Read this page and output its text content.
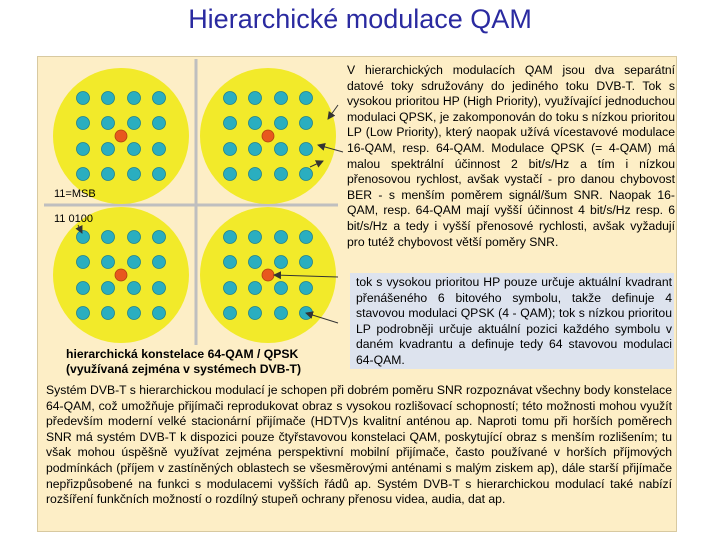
Hierarchické modulace QAM
11=MSB
11 0100
V hierarchických modulacích QAM jsou dva separátní datové toky sdružovány do jediného toku DVB-T. Tok s vysokou prioritou HP (High Priority), využívající jednoduchou modulaci QPSK, je zakomponován do toku s nízkou prioritou LP (Low Priority), který naopak užívá vícestavové modulace 16-QAM, resp. 64-QAM. Modulace QPSK (= 4-QAM) má malou spektrální účinnost 2 bit/s/Hz a tím i nízkou přenosovou rychlost, avšak vystačí - pro danou chybovost BER - s menším poměrem signál/šum SNR. Naopak 16-QAM, resp. 64-QAM mají vyšší účinnost 4 bit/s/Hz resp. 6 bit/s/Hz a tedy i vyšší přenosové rychlosti, avšak vyžadují pro tutéž chybovost větší poměry SNR.
tok s vysokou prioritou HP pouze určuje aktuální kvadrant přenášeného 6 bitového symbolu, takže definuje 4 stavovou modulaci QPSK (4 - QAM); tok s nízkou prioritou LP podrobněji určuje aktuální pozici každého symbolu v daném kvadrantu a definuje tedy 64 stavovou modulaci 64-QAM.
hierarchická konstelace 64-QAM / QPSK
(využívaná zejména v systémech DVB-T)
Systém DVB-T s hierarchickou modulací je schopen při dobrém poměru SNR rozpoznávat všechny body konstelace 64-QAM, což umožňuje přijímači reprodukovat obraz s vysokou rozlišovací schopností; této možnosti mohou využít především moderní velké stacionární přijímače (HDTV)s kvalitní anténou ap. Naproti tomu při horších poměrech SNR má systém DVB-T k dispozici pouze čtyřstavovou konstelaci QAM, poskytující obraz s menším rozlišením; tu však mohou úspěšně využívat zejména perspektivní mobilní přijímače, často používané v horších příjmových podmínkách (příjem v zastíněných oblastech se všesměrovými anténami s malým ziskem ap), dále starší přijímače nepřizpůsobené na funkci s modulacemi vyšších řádů ap. Systém DVB-T s hierarchickou modulací také nabízí rozšíření funkčních možností o rozdílný stupeň ochrany přenosu videa, audia, dat ap.
